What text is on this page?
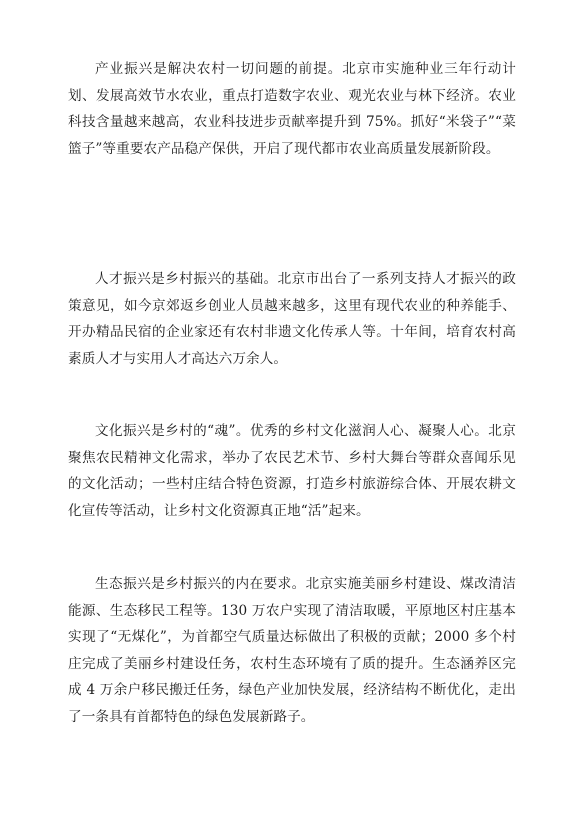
产业振兴是解决农村一切问题的前提。北京市实施种业三年行动计划、发展高效节水农业，重点打造数字农业、观光农业与林下经济。农业科技含量越来越高，农业科技进步贡献率提升到 75%。抓好“米袋子”“菜篮子”等重要农产品稳产保供，开启了现代都市农业高质量发展新阶段。

人才振兴是乡村振兴的基础。北京市出台了一系列支持人才振兴的政策意见，如今京郊返乡创业人员越来越多，这里有现代农业的种养能手、开办精品民宿的企业家还有农村非遗文化传承人等。十年间，培育农村高素质人才与实用人才高达六万余人。

文化振兴是乡村的“魂”。优秀的乡村文化滋润人心、凝聚人心。北京聚焦农民精神文化需求，举办了农民艺术节、乡村大舞台等群众喜闻乐见的文化活动；一些村庄结合特色资源，打造乡村旅游综合体、开展农耕文化宣传等活动，让乡村文化资源真正地“活”起来。

生态振兴是乡村振兴的内在要求。北京实施美丽乡村建设、煤改清洁能源、生态移民工程等。130 万农户实现了清洁取暖，平原地区村庄基本实现了“无煤化”，为首都空气质量达标做出了积极的贡献；2000 多个村庄完成了美丽乡村建设任务，农村生态环境有了质的提升。生态涵养区完成 4 万余户移民搬迁任务，绿色产业加快发展，经济结构不断优化，走出了一条具有首都特色的绿色发展新路子。
